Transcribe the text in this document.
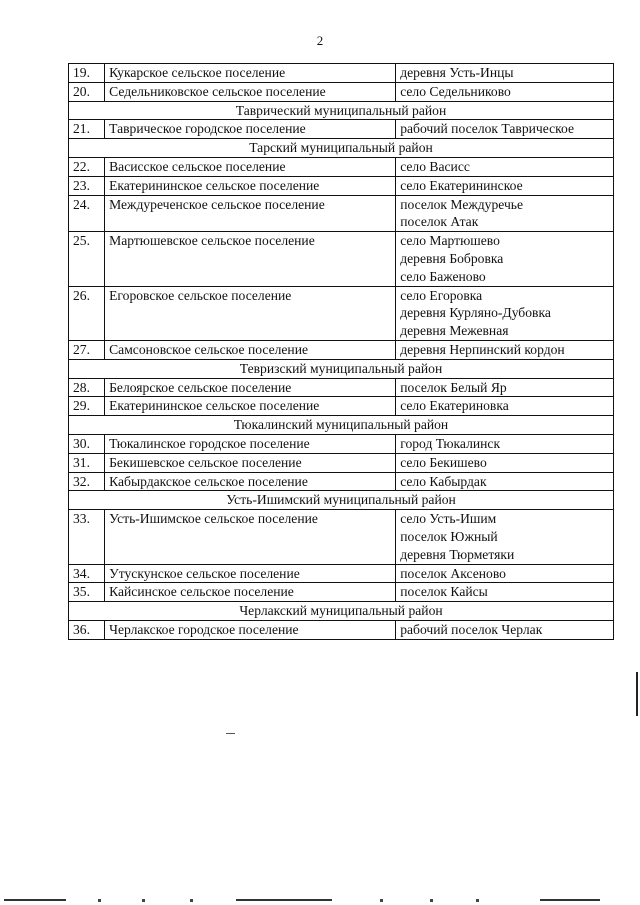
2
19.	Кукарское сельское поселение	деревня Усть-Инцы

20.	Седельниковское сельское поселение	село Седельниково

Таврический муниципальный район		
21.	Таврическое городское поселение	рабочий поселок Таврическое

Тарский муниципальный район		
22.	Васисское сельское поселение	село Васисс

23.	Екатерининское сельское поселение	село Екатерининское

24.	Междуреченское сельское поселение	поселок Междуречье
поселок Атак

25.	Мартюшевское сельское поселение	село Мартюшево
деревня Бобровка
село Баженово

26.	Егоровское сельское поселение	село Егоровка
деревня Курляно-Дубовка
деревня Межевная

27.	Самсоновское сельское поселение	деревня Нерпинский кордон

Тевризский муниципальный район		
28.	Белоярское сельское поселение	поселок Белый Яр

29.	Екатерининское сельское поселение	село Екатериновка

Тюкалинский муниципальный район		
30.	Тюкалинское городское поселение	город Тюкалинск

31.	Бекишевское сельское поселение	село Бекишево

32.	Кабырдакское сельское поселение	село Кабырдак

Усть-Ишимский муниципальный район		
33.	Усть-Ишимское сельское поселение	село Усть-Ишим
поселок Южный
деревня Тюрметяки

34.	Утускунское сельское поселение	поселок Аксеново

35.	Кайсинское сельское поселение	поселок Кайсы

Черлакский муниципальный район		
36.	Черлакское городское поселение	рабочий поселок Черлак
